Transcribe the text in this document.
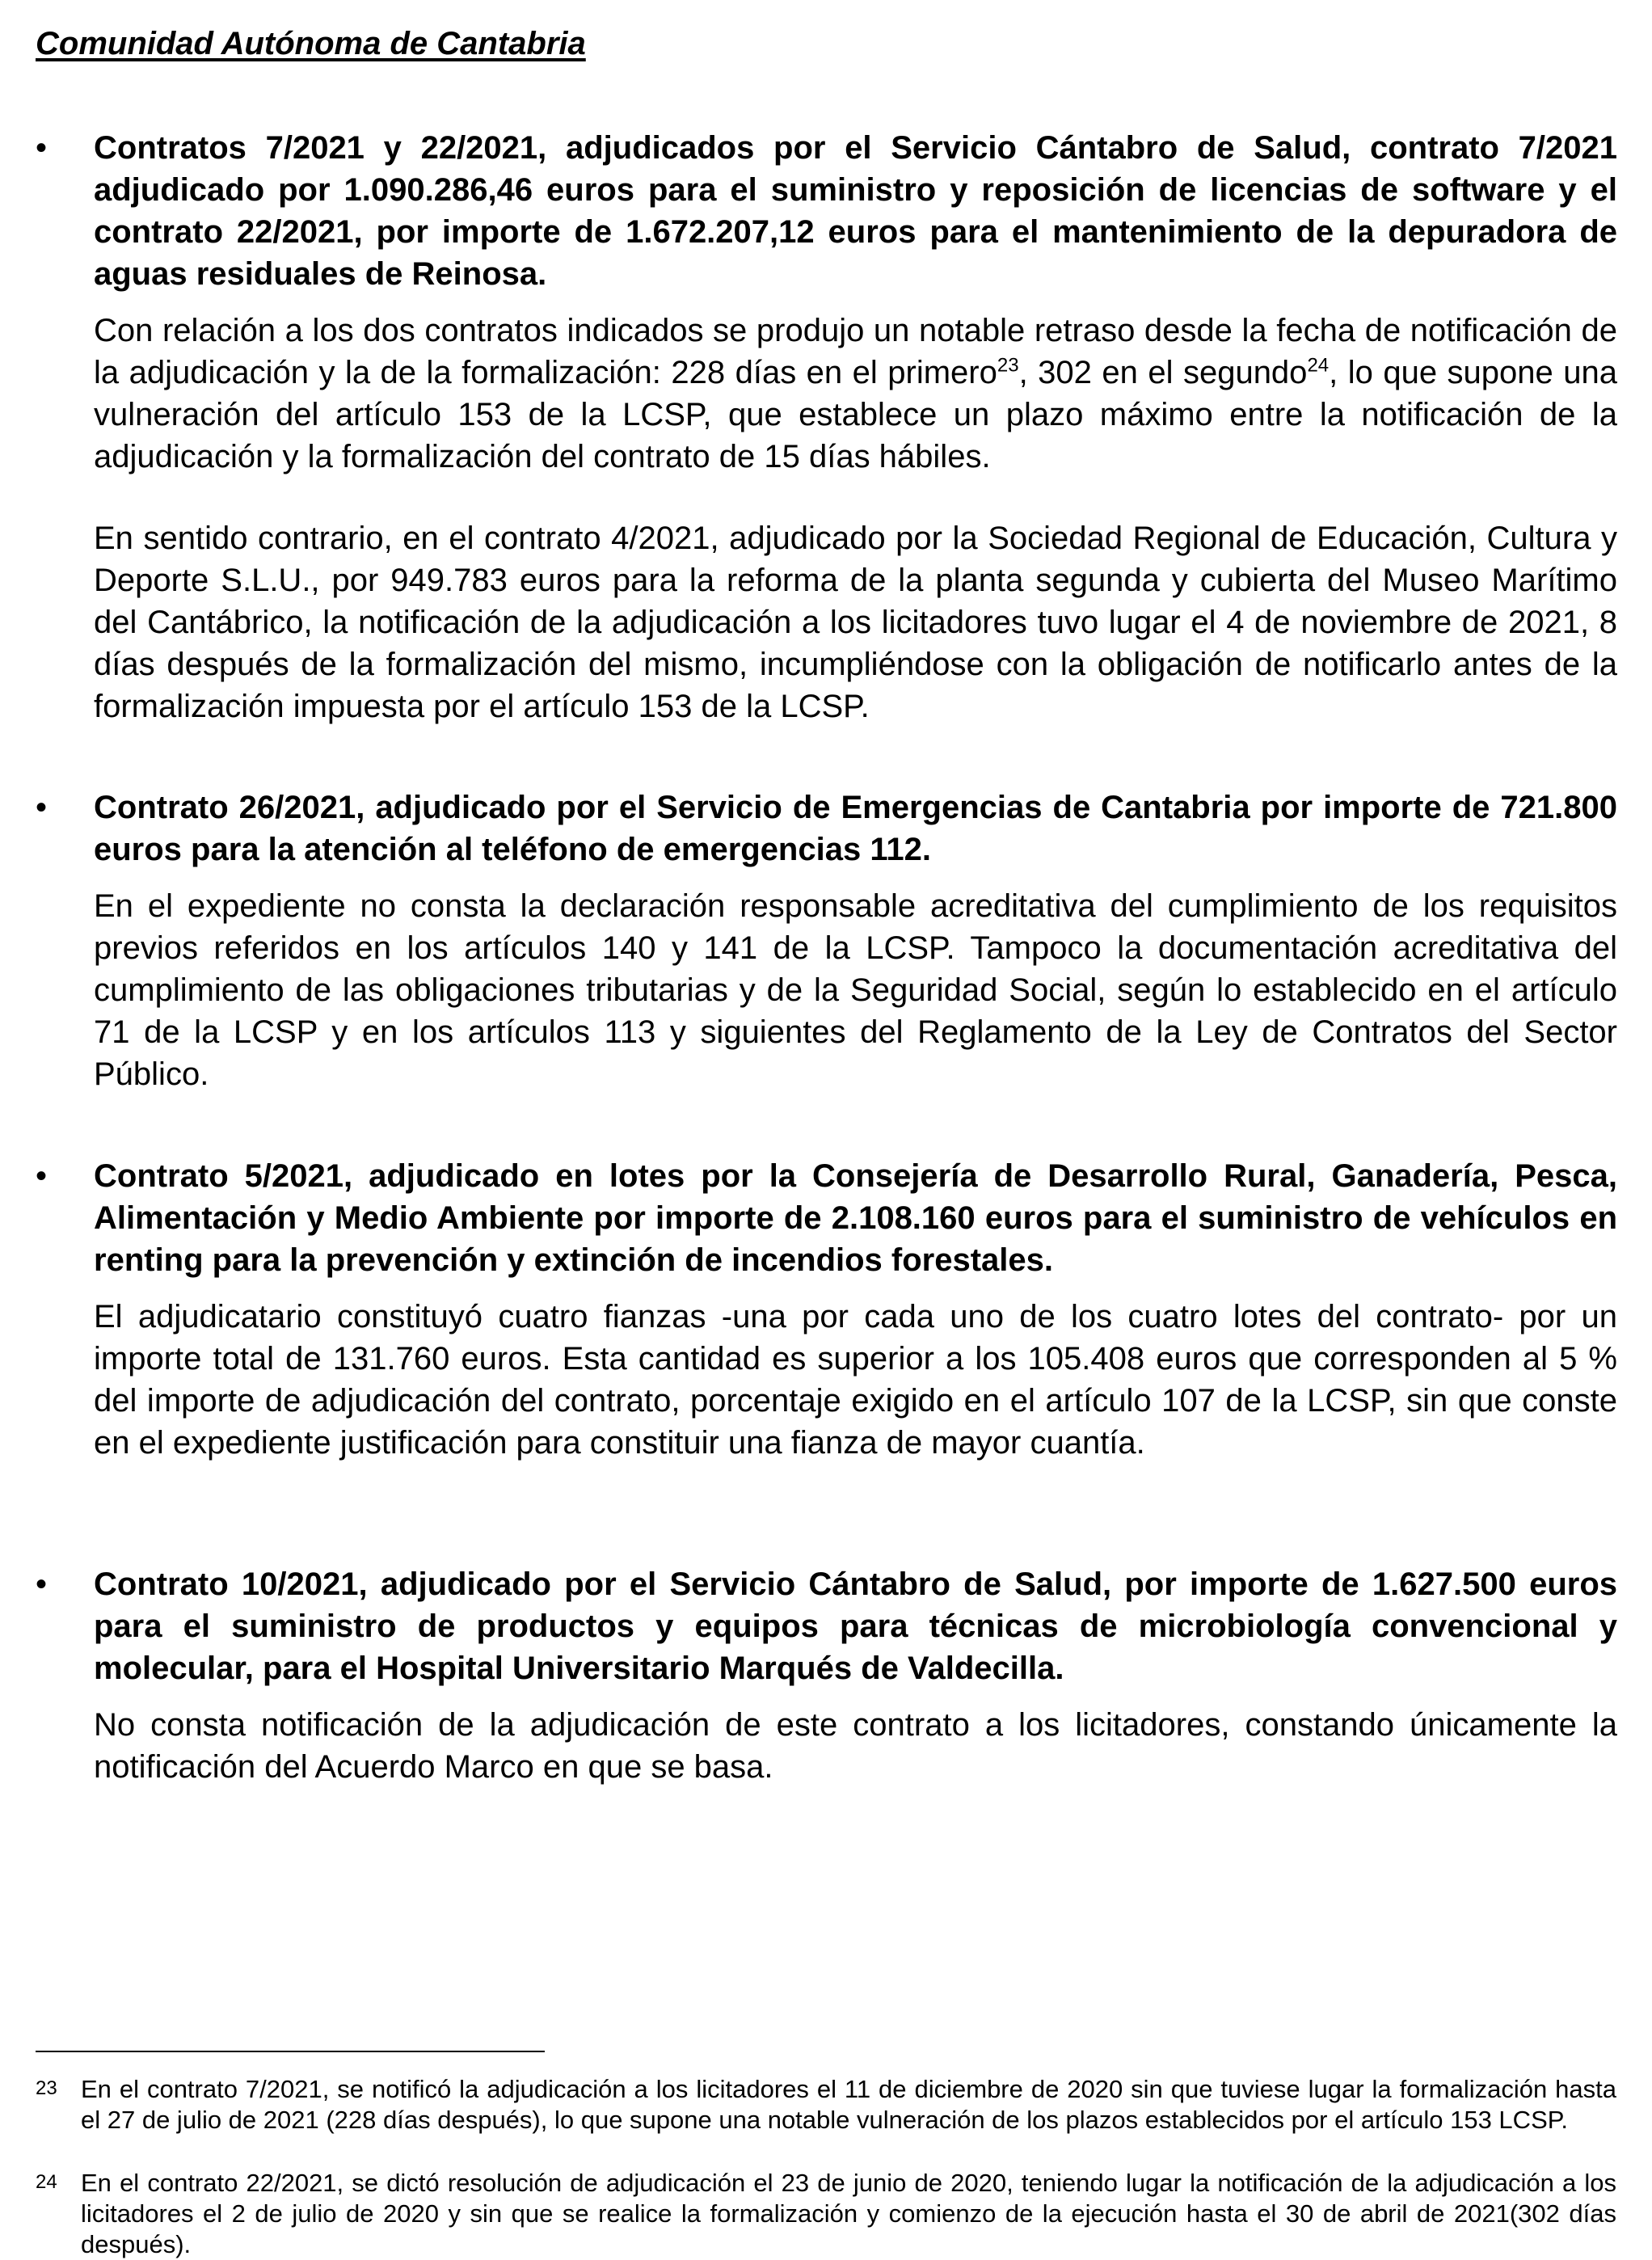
Comunidad Autónoma de Cantabria
• Contratos 7/2021 y 22/2021, adjudicados por el Servicio Cántabro de Salud, contrato 7/2021 adjudicado por 1.090.286,46 euros para el suministro y reposición de licencias de software y el contrato 22/2021, por importe de 1.672.207,12 euros para el mantenimiento de la depuradora de aguas residuales de Reinosa.

Con relación a los dos contratos indicados se produjo un notable retraso desde la fecha de notificación de la adjudicación y la de la formalización: 228 días en el primero$^{23}$, 302 en el segundo$^{24}$, lo que supone una vulneración del artículo 153 de la LCSP, que establece un plazo máximo entre la notificación de la adjudicación y la formalización del contrato de 15 días hábiles.

En sentido contrario, en el contrato 4/2021, adjudicado por la Sociedad Regional de Educación, Cultura y Deporte S.L.U., por 949.783 euros para la reforma de la planta segunda y cubierta del Museo Marítimo del Cantábrico, la notificación de la adjudicación a los licitadores tuvo lugar el 4 de noviembre de 2021, 8 días después de la formalización del mismo, incumpliéndose con la obligación de notificarlo antes de la formalización impuesta por el artículo 153 de la LCSP.

• Contrato 26/2021, adjudicado por el Servicio de Emergencias de Cantabria por importe de 721.800 euros para la atención al teléfono de emergencias 112.

En el expediente no consta la declaración responsable acreditativa del cumplimiento de los requisitos previos referidos en los artículos 140 y 141 de la LCSP. Tampoco la documentación acreditativa del cumplimiento de las obligaciones tributarias y de la Seguridad Social, según lo establecido en el artículo 71 de la LCSP y en los artículos 113 y siguientes del Reglamento de la Ley de Contratos del Sector Público.

• Contrato 5/2021, adjudicado en lotes por la Consejería de Desarrollo Rural, Ganadería, Pesca, Alimentación y Medio Ambiente por importe de 2.108.160 euros para el suministro de vehículos en renting para la prevención y extinción de incendios forestales.

El adjudicatario constituyó cuatro fianzas -una por cada uno de los cuatro lotes del contrato- por un importe total de 131.760 euros. Esta cantidad es superior a los 105.408 euros que corresponden al 5 % del importe de adjudicación del contrato, porcentaje exigido en el artículo 107 de la LCSP, sin que conste en el expediente justificación para constituir una fianza de mayor cuantía.

• Contrato 10/2021, adjudicado por el Servicio Cántabro de Salud, por importe de 1.627.500 euros para el suministro de productos y equipos para técnicas de microbiología convencional y molecular, para el Hospital Universitario Marqués de Valdecilla.

No consta notificación de la adjudicación de este contrato a los licitadores, constando únicamente la notificación del Acuerdo Marco en que se basa.

23 En el contrato 7/2021, se notificó la adjudicación a los licitadores el 11 de diciembre de 2020 sin que tuviese lugar la formalización hasta el 27 de julio de 2021 (228 días después), lo que supone una notable vulneración de los plazos establecidos por el artículo 153 LCSP.

24 En el contrato 22/2021, se dictó resolución de adjudicación el 23 de junio de 2020, teniendo lugar la notificación de la adjudicación a los licitadores el 2 de julio de 2020 y sin que se realice la formalización y comienzo de la ejecución hasta el 30 de abril de 2021(302 días después).
